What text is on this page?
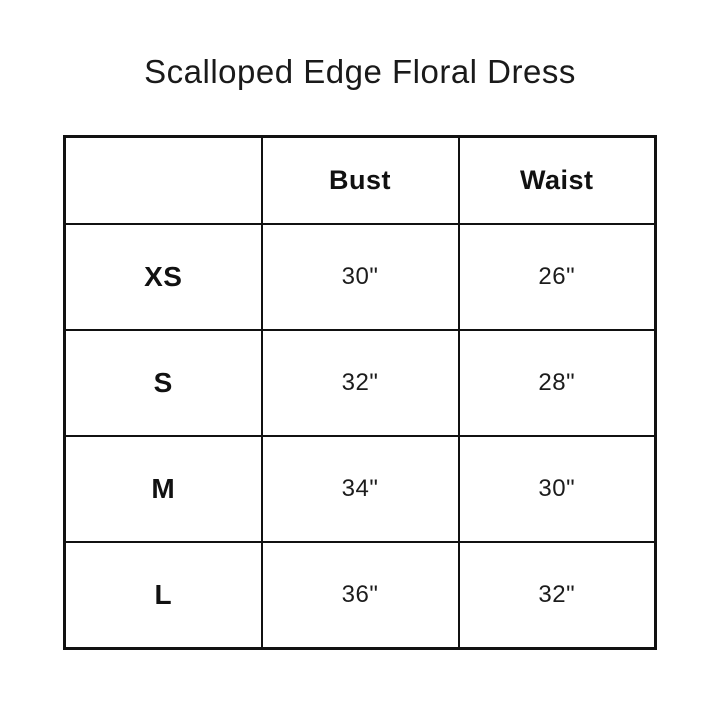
Scalloped Edge Floral Dress
	Bust	Waist
XS	30"	26"
S	32"	28"
M	34"	30"
L	36"	32"
